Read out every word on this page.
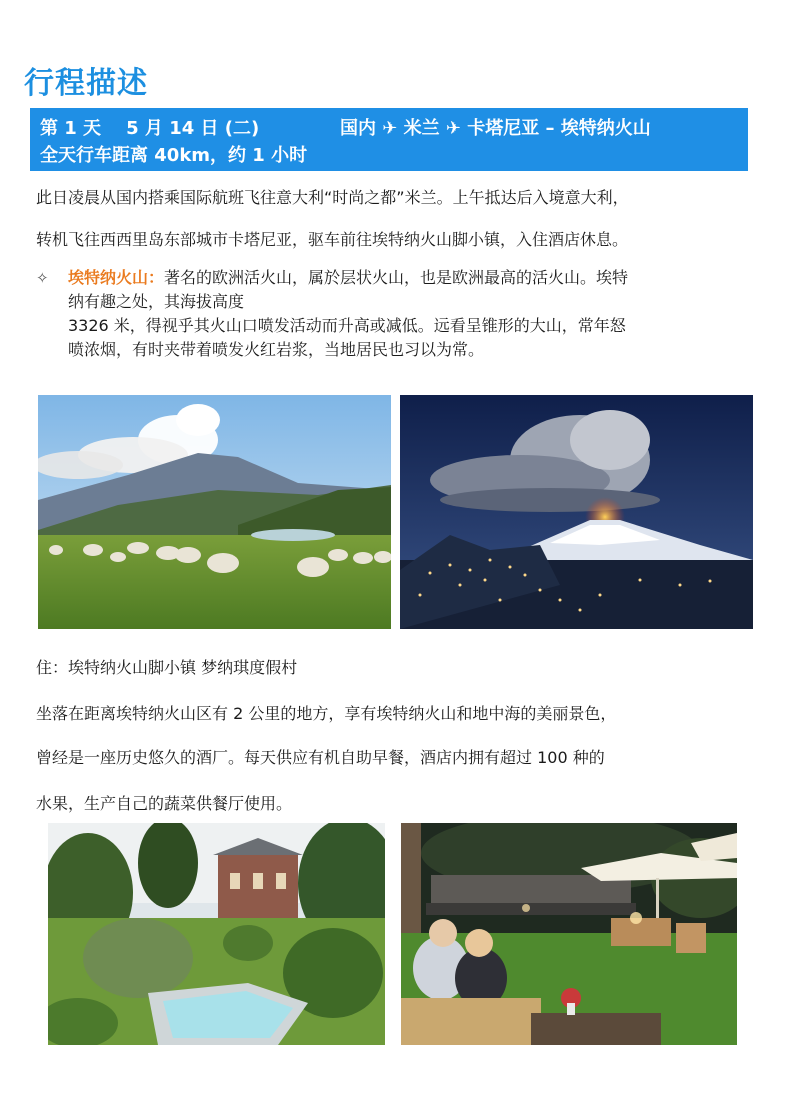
行程描述
第 1 天 5 月 14 日 (二)	国内 ✈ 米兰 ✈ 卡塔尼亚 – 埃特纳火山
全天行车距离 40km，约 1 小时
此日凌晨从国内搭乘国际航班飞往意大利“时尚之都”米兰。上午抵达后入境意大利，
转机飞往西西里岛东部城市卡塔尼亚，驱车前往埃特纳火山脚小镇，入住酒店休息。
✧ 埃特纳火山：著名的欧洲活火山，属於层状火山，也是欧洲最高的活火山。埃特
纳有趣之处，其海拔高度
3326 米，得视乎其火山口喷发活动而升高或减低。远看呈锥形的大山，常年怒
喷浓烟，有时夹带着喷发火红岩浆，当地居民也习以为常。
住：埃特纳火山脚小镇 梦纳琪度假村
坐落在距离埃特纳火山区有 2 公里的地方，享有埃特纳火山和地中海的美丽景色，
曾经是一座历史悠久的酒厂。每天供应有机自助早餐，酒店内拥有超过 100 种的
水果，生产自己的蔬菜供餐厅使用。
